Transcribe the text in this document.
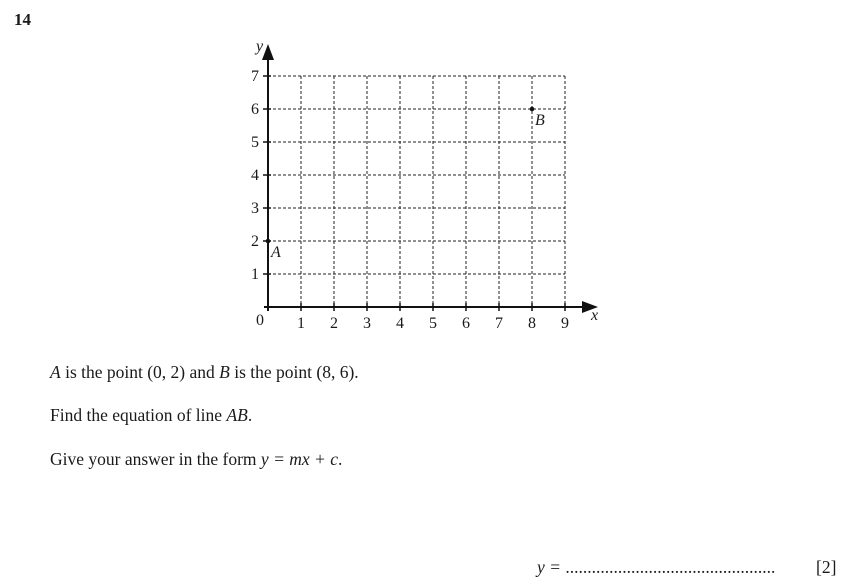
14
x
y
0 1 2 3 4 5 6 7 8 9
1
2
3
4
5
6
7
A
B
A is the point (0, 2) and B is the point (8, 6).
Find the equation of line AB.
Give your answer in the form y = mx + c.
y = ................................................ [2]
